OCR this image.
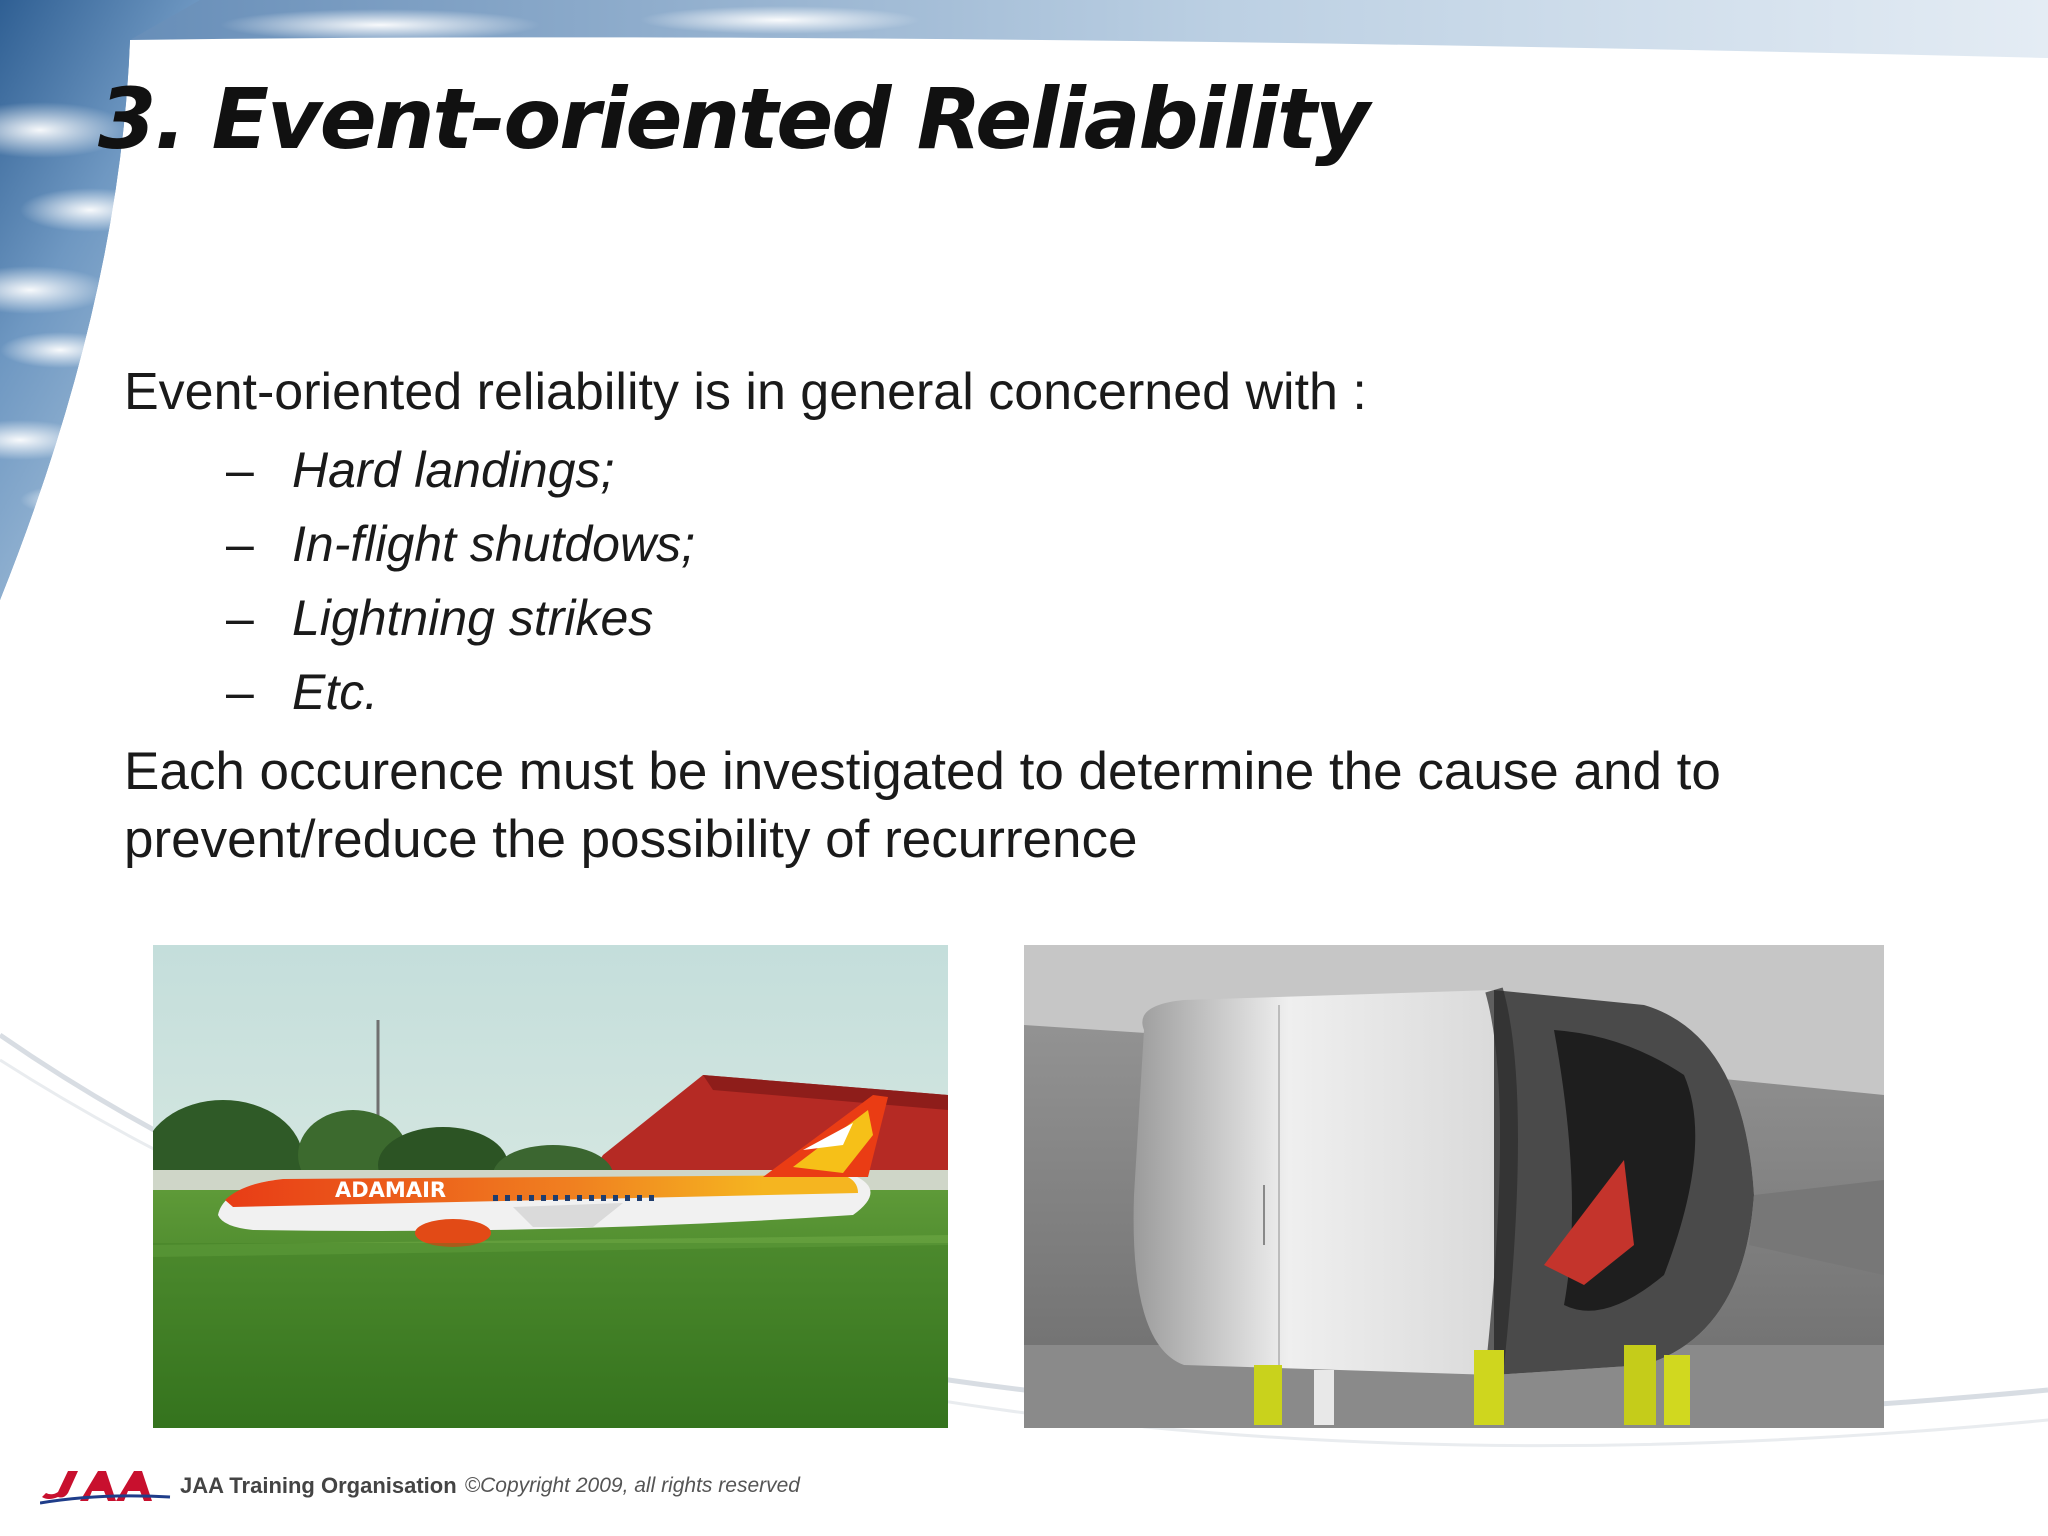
3. Event-oriented Reliability

Event-oriented reliability is in general concerned with :

– Hard landings;
– In-flight shutdows;
– Lightning strikes
– Etc.

Each occurence must be investigated to determine the cause and to prevent/reduce the possibility of recurrence

ADAMAIR
JAA Training Organisation ©Copyright 2009, all rights reserved
